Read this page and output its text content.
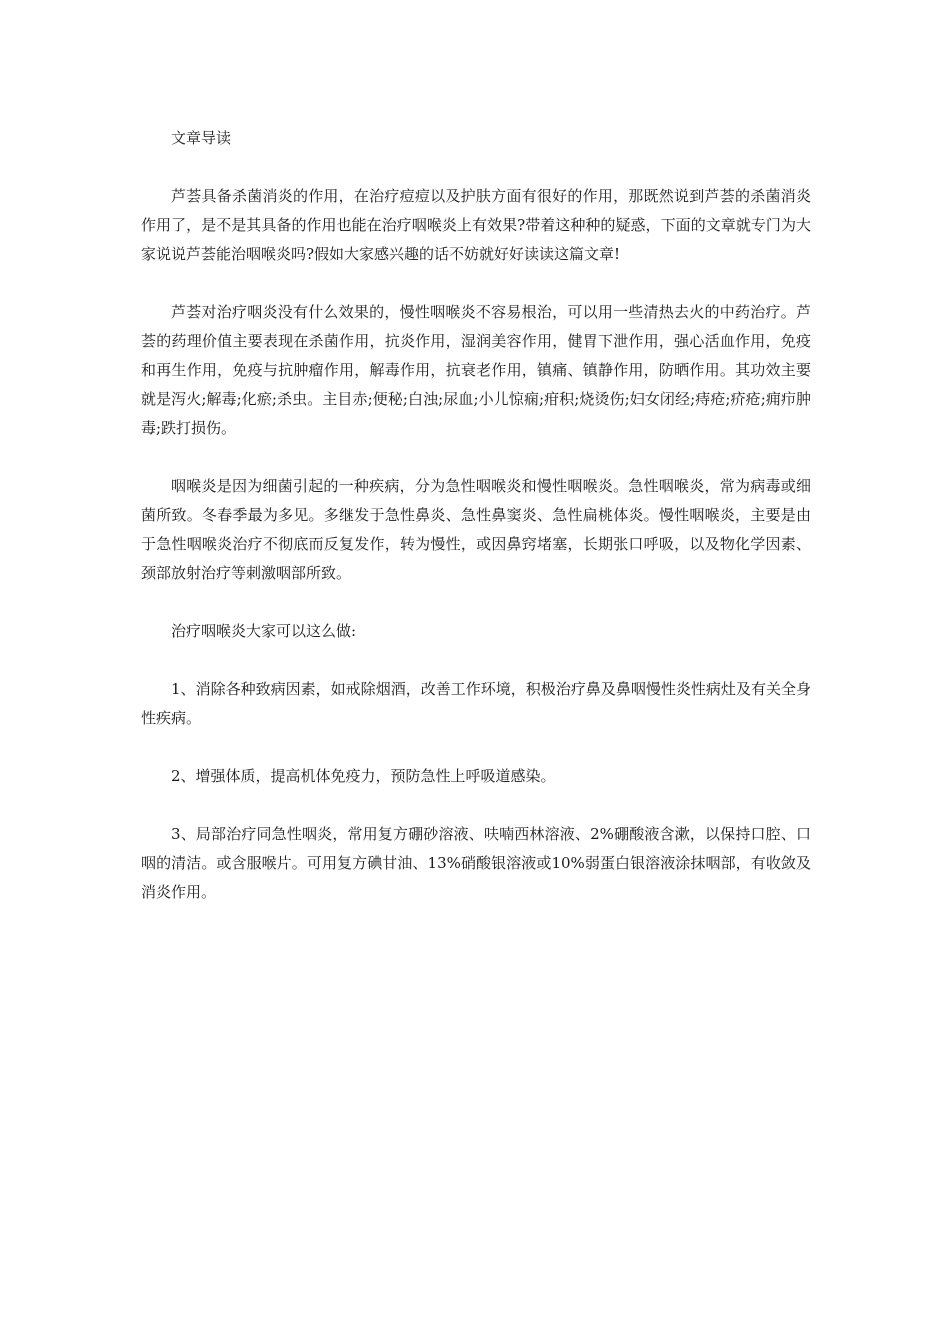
文章导读

芦荟具备杀菌消炎的作用，在治疗痘痘以及护肤方面有很好的作用，那既然说到芦荟的杀菌消炎作用了，是不是其具备的作用也能在治疗咽喉炎上有效果?带着这种种的疑惑，下面的文章就专门为大家说说芦荟能治咽喉炎吗?假如大家感兴趣的话不妨就好好读读这篇文章!

芦荟对治疗咽炎没有什么效果的，慢性咽喉炎不容易根治，可以用一些清热去火的中药治疗。芦荟的药理价值主要表现在杀菌作用，抗炎作用，湿润美容作用，健胃下泄作用，强心活血作用，免疫和再生作用，免疫与抗肿瘤作用，解毒作用，抗衰老作用，镇痛、镇静作用，防晒作用。其功效主要就是泻火;解毒;化瘀;杀虫。主目赤;便秘;白浊;尿血;小儿惊痫;疳积;烧烫伤;妇女闭经;痔疮;疥疮;痈疖肿毒;跌打损伤。

咽喉炎是因为细菌引起的一种疾病，分为急性咽喉炎和慢性咽喉炎。急性咽喉炎，常为病毒或细菌所致。冬春季最为多见。多继发于急性鼻炎、急性鼻窦炎、急性扁桃体炎。慢性咽喉炎，主要是由于急性咽喉炎治疗不彻底而反复发作，转为慢性，或因鼻窍堵塞，长期张口呼吸，以及物化学因素、颈部放射治疗等刺激咽部所致。

治疗咽喉炎大家可以这么做:

1、消除各种致病因素，如戒除烟酒，改善工作环境，积极治疗鼻及鼻咽慢性炎性病灶及有关全身性疾病。

2、增强体质，提高机体免疫力，预防急性上呼吸道感染。

3、局部治疗同急性咽炎，常用复方硼砂溶液、呋喃西林溶液、2%硼酸液含漱，以保持口腔、口咽的清洁。或含服喉片。可用复方碘甘油、13%硝酸银溶液或10%弱蛋白银溶液涂抹咽部，有收敛及消炎作用。
